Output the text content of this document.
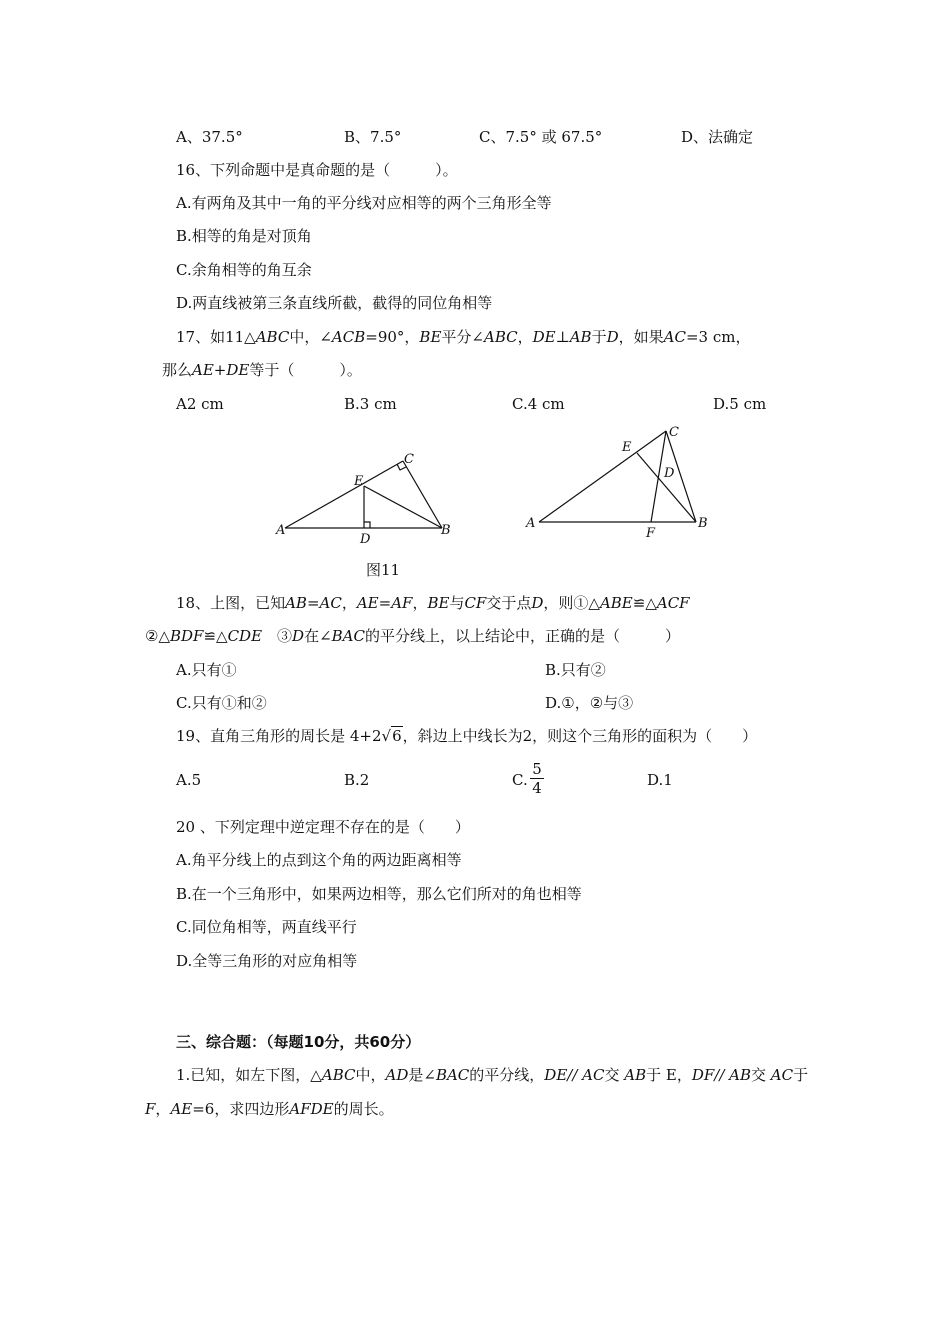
A、37.5°	B、7.5°	C、7.5° 或 67.5°	D、法确定
16、下列命题中是真命题的是（　　　）。
A.有两角及其中一角的平分线对应相等的两个三角形全等
B.相等的角是对顶角
C.余角相等的角互余
D.两直线被第三条直线所截，截得的同位角相等
17、如11△ABC中，∠ACB=90°，BE平分∠ABC，DE⊥AB于D，如果AC=3 cm，
那么AE+DE等于（　　　）。
A2 cm	B.3 cm	C.4 cm	D.5 cm
A	B
C
D
E
图11
A	B
C
D
E
F
18、上图，已知AB=AC，AE=AF，BE与CF交于点D，则①△ABE≌△ACF
②△BDF≌△CDE　③D在∠BAC的平分线上，以上结论中，正确的是（　　　）
A.只有①	B.只有②
C.只有①和②	D.①，②与③
19、直角三角形的周长是 4+2√6，斜边上中线长为2，则这个三角形的面积为（　　）
A.5	B.2	C.
5
4	D.1
20 、下列定理中逆定理不存在的是（　　）
A.角平分线上的点到这个角的两边距离相等
B.在一个三角形中，如果两边相等，那么它们所对的角也相等
C.同位角相等，两直线平行
D.全等三角形的对应角相等
三、综合题：（每题10分，共60分）
1.已知，如左下图，△ABC中，AD是∠BAC的平分线，DE// AC交 AB于 E，DF// AB交 AC于
F，AE=6，求四边形AFDE的周长。
